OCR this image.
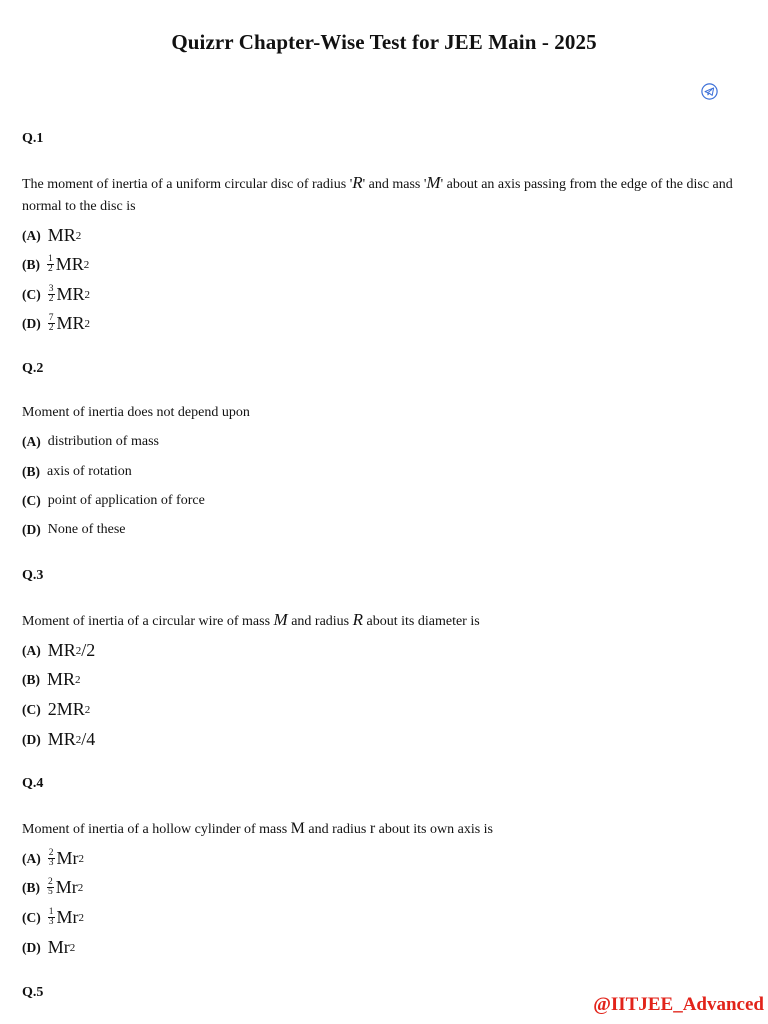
Quizrr Chapter-Wise Test for JEE Main - 2025
Q.1
The moment of inertia of a uniform circular disc of radius 'R' and mass 'M' about an axis passing from the edge of the disc and normal to the disc is
(A) MR 2
$(B) \frac{1}{2}$ MR 2
$(C) \frac{3}{2}$ MR 2
$(D) \frac{7}{2}$ MR 2
Q.2
Moment of inertia does not depend upon
(A) distribution of mass
(B) axis of rotation
(C) point of application of force
(D) None of these
Q.3
Moment of inertia of a circular wire of mass M and radius R about its diameter is
(A) MR 2 /2
(B) MR 2
(C) 2MR 2
(D) MR 2 /4
Q.4
Moment of inertia of a hollow cylinder of mass M and radius r about its own axis is
$(A) \frac{2}{3}$ Mr 2
$(B) \frac{2}{5}$ Mr 2
$(C) \frac{1}{3}$ Mr 2
(D) Mr 2
Q.5
@IITJEE_Advanced
